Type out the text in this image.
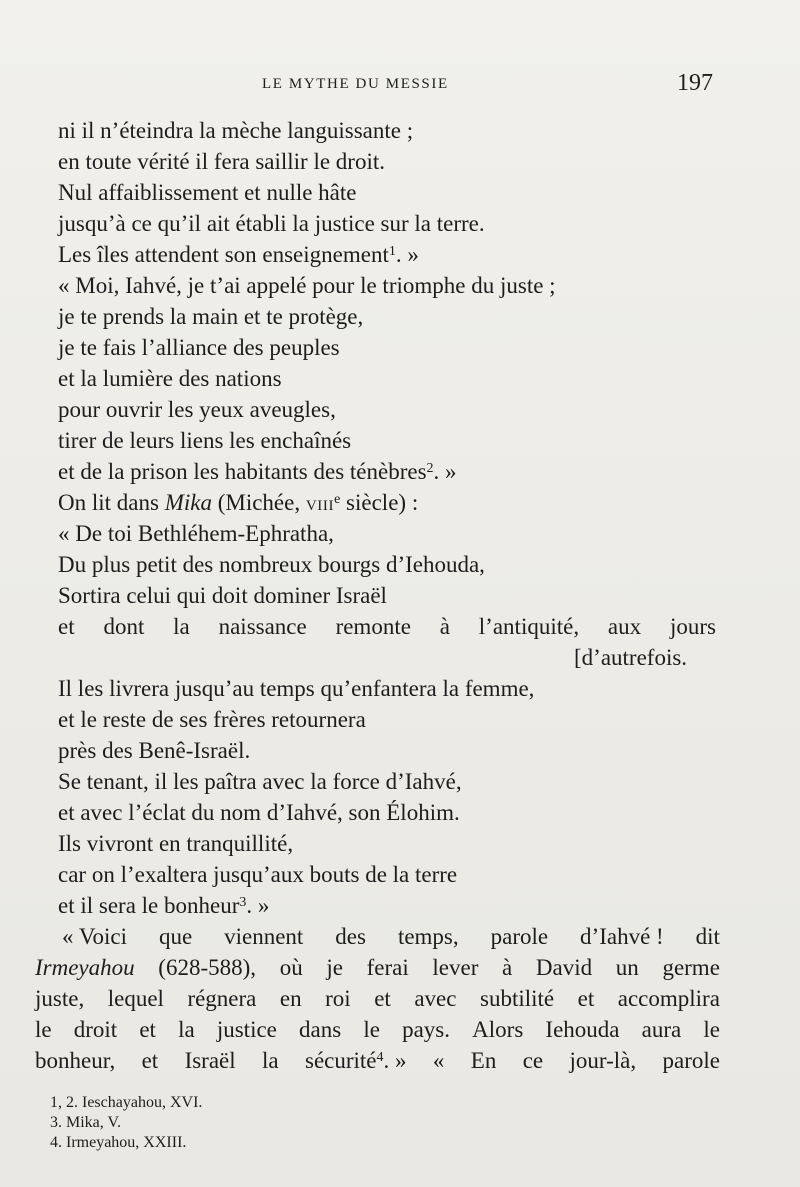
LE MYTHE DU MESSIE	197
ni il n’éteindra la mèche languissante ;
en toute vérité il fera saillir le droit.
Nul affaiblissement et nulle hâte
jusqu’à ce qu’il ait établi la justice sur la terre.
Les îles attendent son enseignement$^1$. »
« Moi, Iahvé, je t’ai appelé pour le triomphe du juste ;
je te prends la main et te protège,
je te fais l’alliance des peuples
et la lumière des nations
pour ouvrir les yeux aveugles,
tirer de leurs liens les enchaînés
et de la prison les habitants des ténèbres$^2$. »
On lit dans Mika (Michée, VIIIe siècle) :
« De toi Bethléhem-Ephratha,
Du plus petit des nombreux bourgs d’Iehouda,
Sortira celui qui doit dominer Israël
et dont la naissance remonte à l’antiquité, aux jours
[d’autrefois.
Il les livrera jusqu’au temps qu’enfantera la femme,
et le reste de ses frères retournera
près des Benê-Israël.
Se tenant, il les paîtra avec la force d’Iahvé,
et avec l’éclat du nom d’Iahvé, son Élohim.
Ils vivront en tranquillité,
car on l’exaltera jusqu’aux bouts de la terre
et il sera le bonheur$^3$. »
« Voici que viennent des temps, parole d’Iahvé ! dit
Irmeyahou (628-588), où je ferai lever à David un germe
juste, lequel régnera en roi et avec subtilité et accomplira
le droit et la justice dans le pays. Alors Iehouda aura le
bonheur, et Israël la sécurité$^4$. » « En ce jour-là, parole
1, 2. Ieschayahou, XVI.
3. Mika, V.
4. Irmeyahou, XXIII.
